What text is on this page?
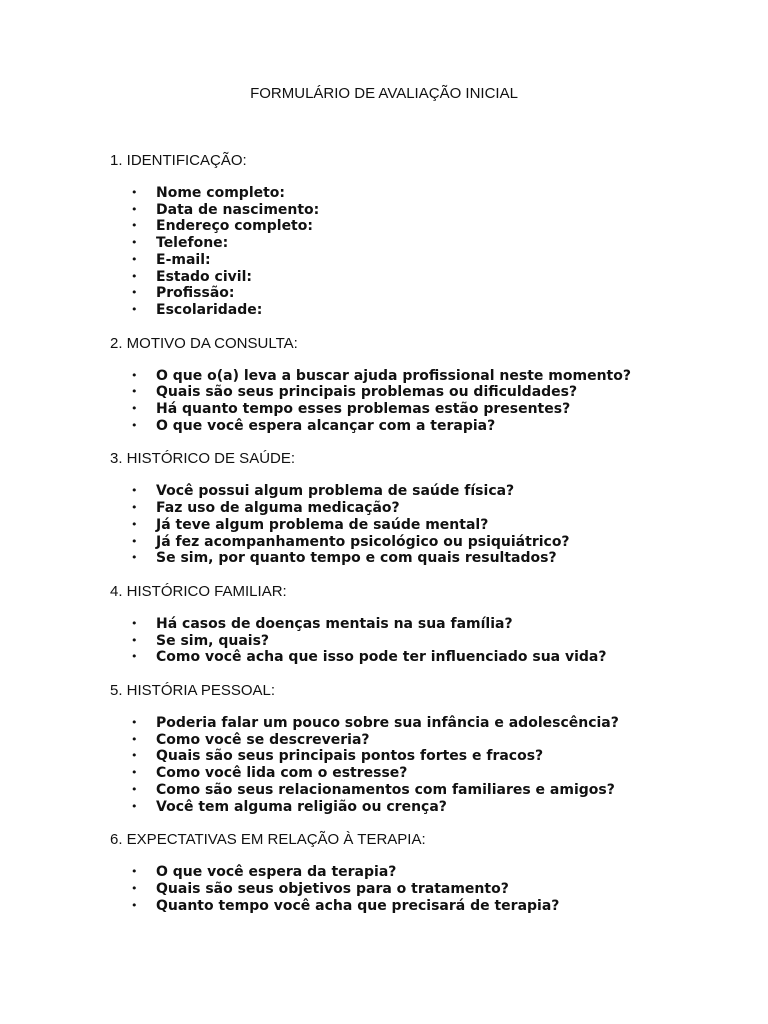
FORMULÁRIO DE AVALIAÇÃO INICIAL
1. IDENTIFICAÇÃO:
• Nome completo:
• Data de nascimento:
• Endereço completo:
• Telefone:
• E-mail:
• Estado civil:
• Profissão:
• Escolaridade:
2. MOTIVO DA CONSULTA:
• O que o(a) leva a buscar ajuda profissional neste momento?
• Quais são seus principais problemas ou dificuldades?
• Há quanto tempo esses problemas estão presentes?
• O que você espera alcançar com a terapia?
3. HISTÓRICO DE SAÚDE:
• Você possui algum problema de saúde física?
• Faz uso de alguma medicação?
• Já teve algum problema de saúde mental?
• Já fez acompanhamento psicológico ou psiquiátrico?
• Se sim, por quanto tempo e com quais resultados?
4. HISTÓRICO FAMILIAR:
• Há casos de doenças mentais na sua família?
• Se sim, quais?
• Como você acha que isso pode ter influenciado sua vida?
5. HISTÓRIA PESSOAL:
• Poderia falar um pouco sobre sua infância e adolescência?
• Como você se descreveria?
• Quais são seus principais pontos fortes e fracos?
• Como você lida com o estresse?
• Como são seus relacionamentos com familiares e amigos?
• Você tem alguma religião ou crença?
6. EXPECTATIVAS EM RELAÇÃO À TERAPIA:
• O que você espera da terapia?
• Quais são seus objetivos para o tratamento?
• Quanto tempo você acha que precisará de terapia?
